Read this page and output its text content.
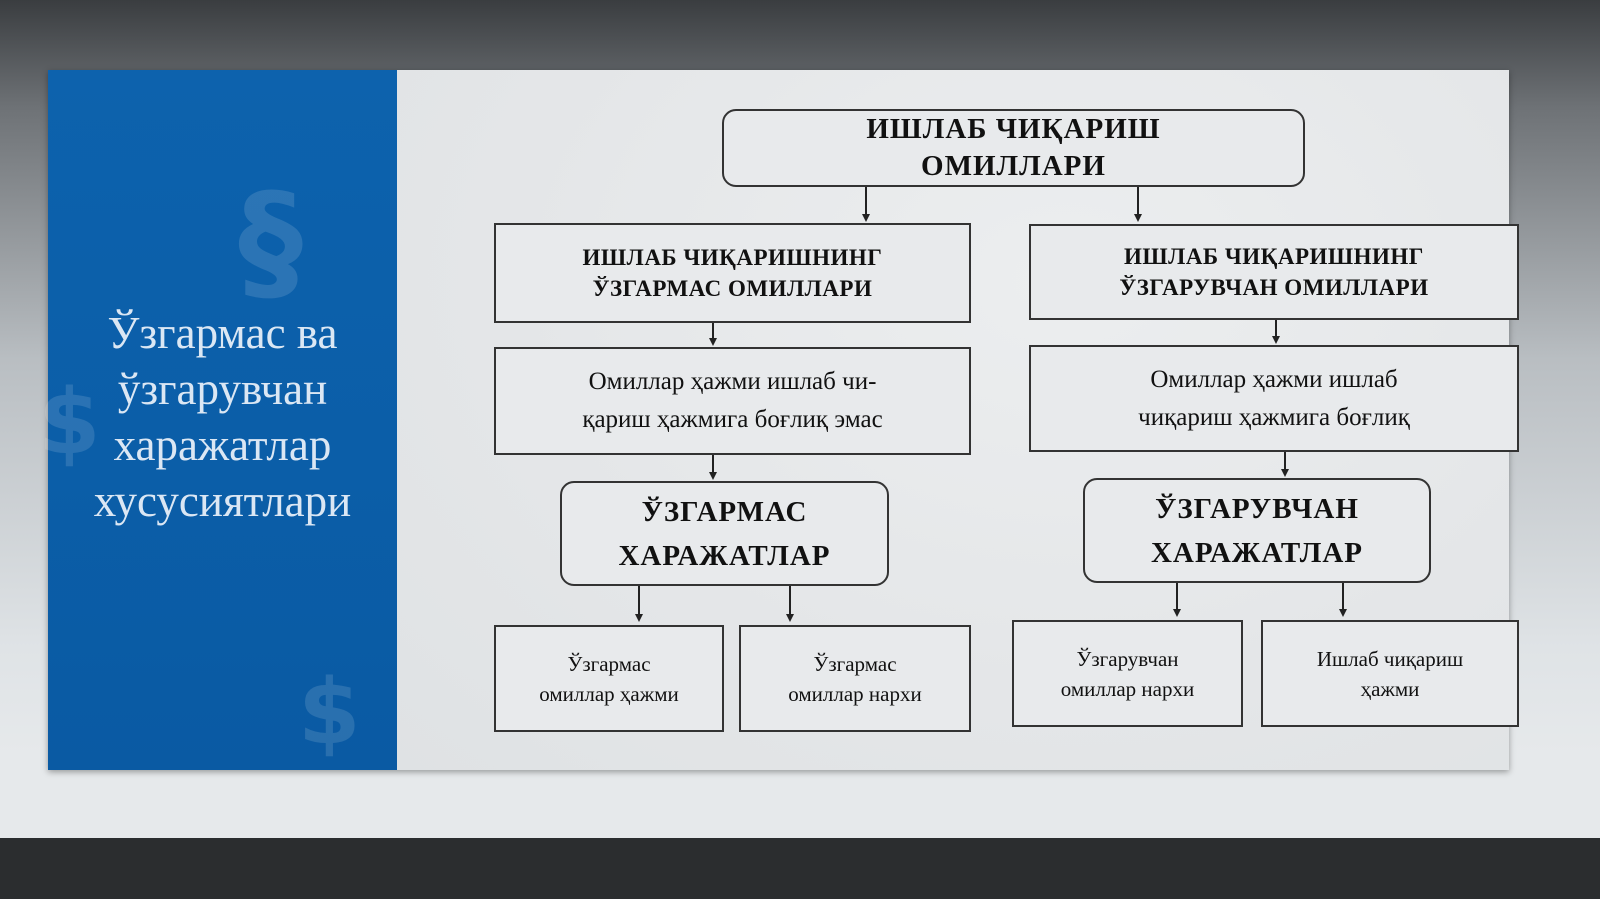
§
$
$
Ўзгармас ва
ўзгарувчан
харажатлар
хусусиятлари
ИШЛАБ ЧИҚАРИШ
ОМИЛЛАРИ
ИШЛАБ ЧИҚАРИШНИНГ
ЎЗГАРМАС ОМИЛЛАРИ
ИШЛАБ ЧИҚАРИШНИНГ
ЎЗГАРУВЧАН ОМИЛЛАРИ
Омиллар ҳажми ишлаб чи-
қариш ҳажмига боғлиқ эмас
Омиллар ҳажми ишлаб
чиқариш ҳажмига боғлиқ
ЎЗГАРМАС
ХАРАЖАТЛАР
ЎЗГАРУВЧАН
ХАРАЖАТЛАР
Ўзгармас
омиллар ҳажми
Ўзгармас
омиллар нархи
Ўзгарувчан
омиллар нархи
Ишлаб чиқариш
ҳажми
